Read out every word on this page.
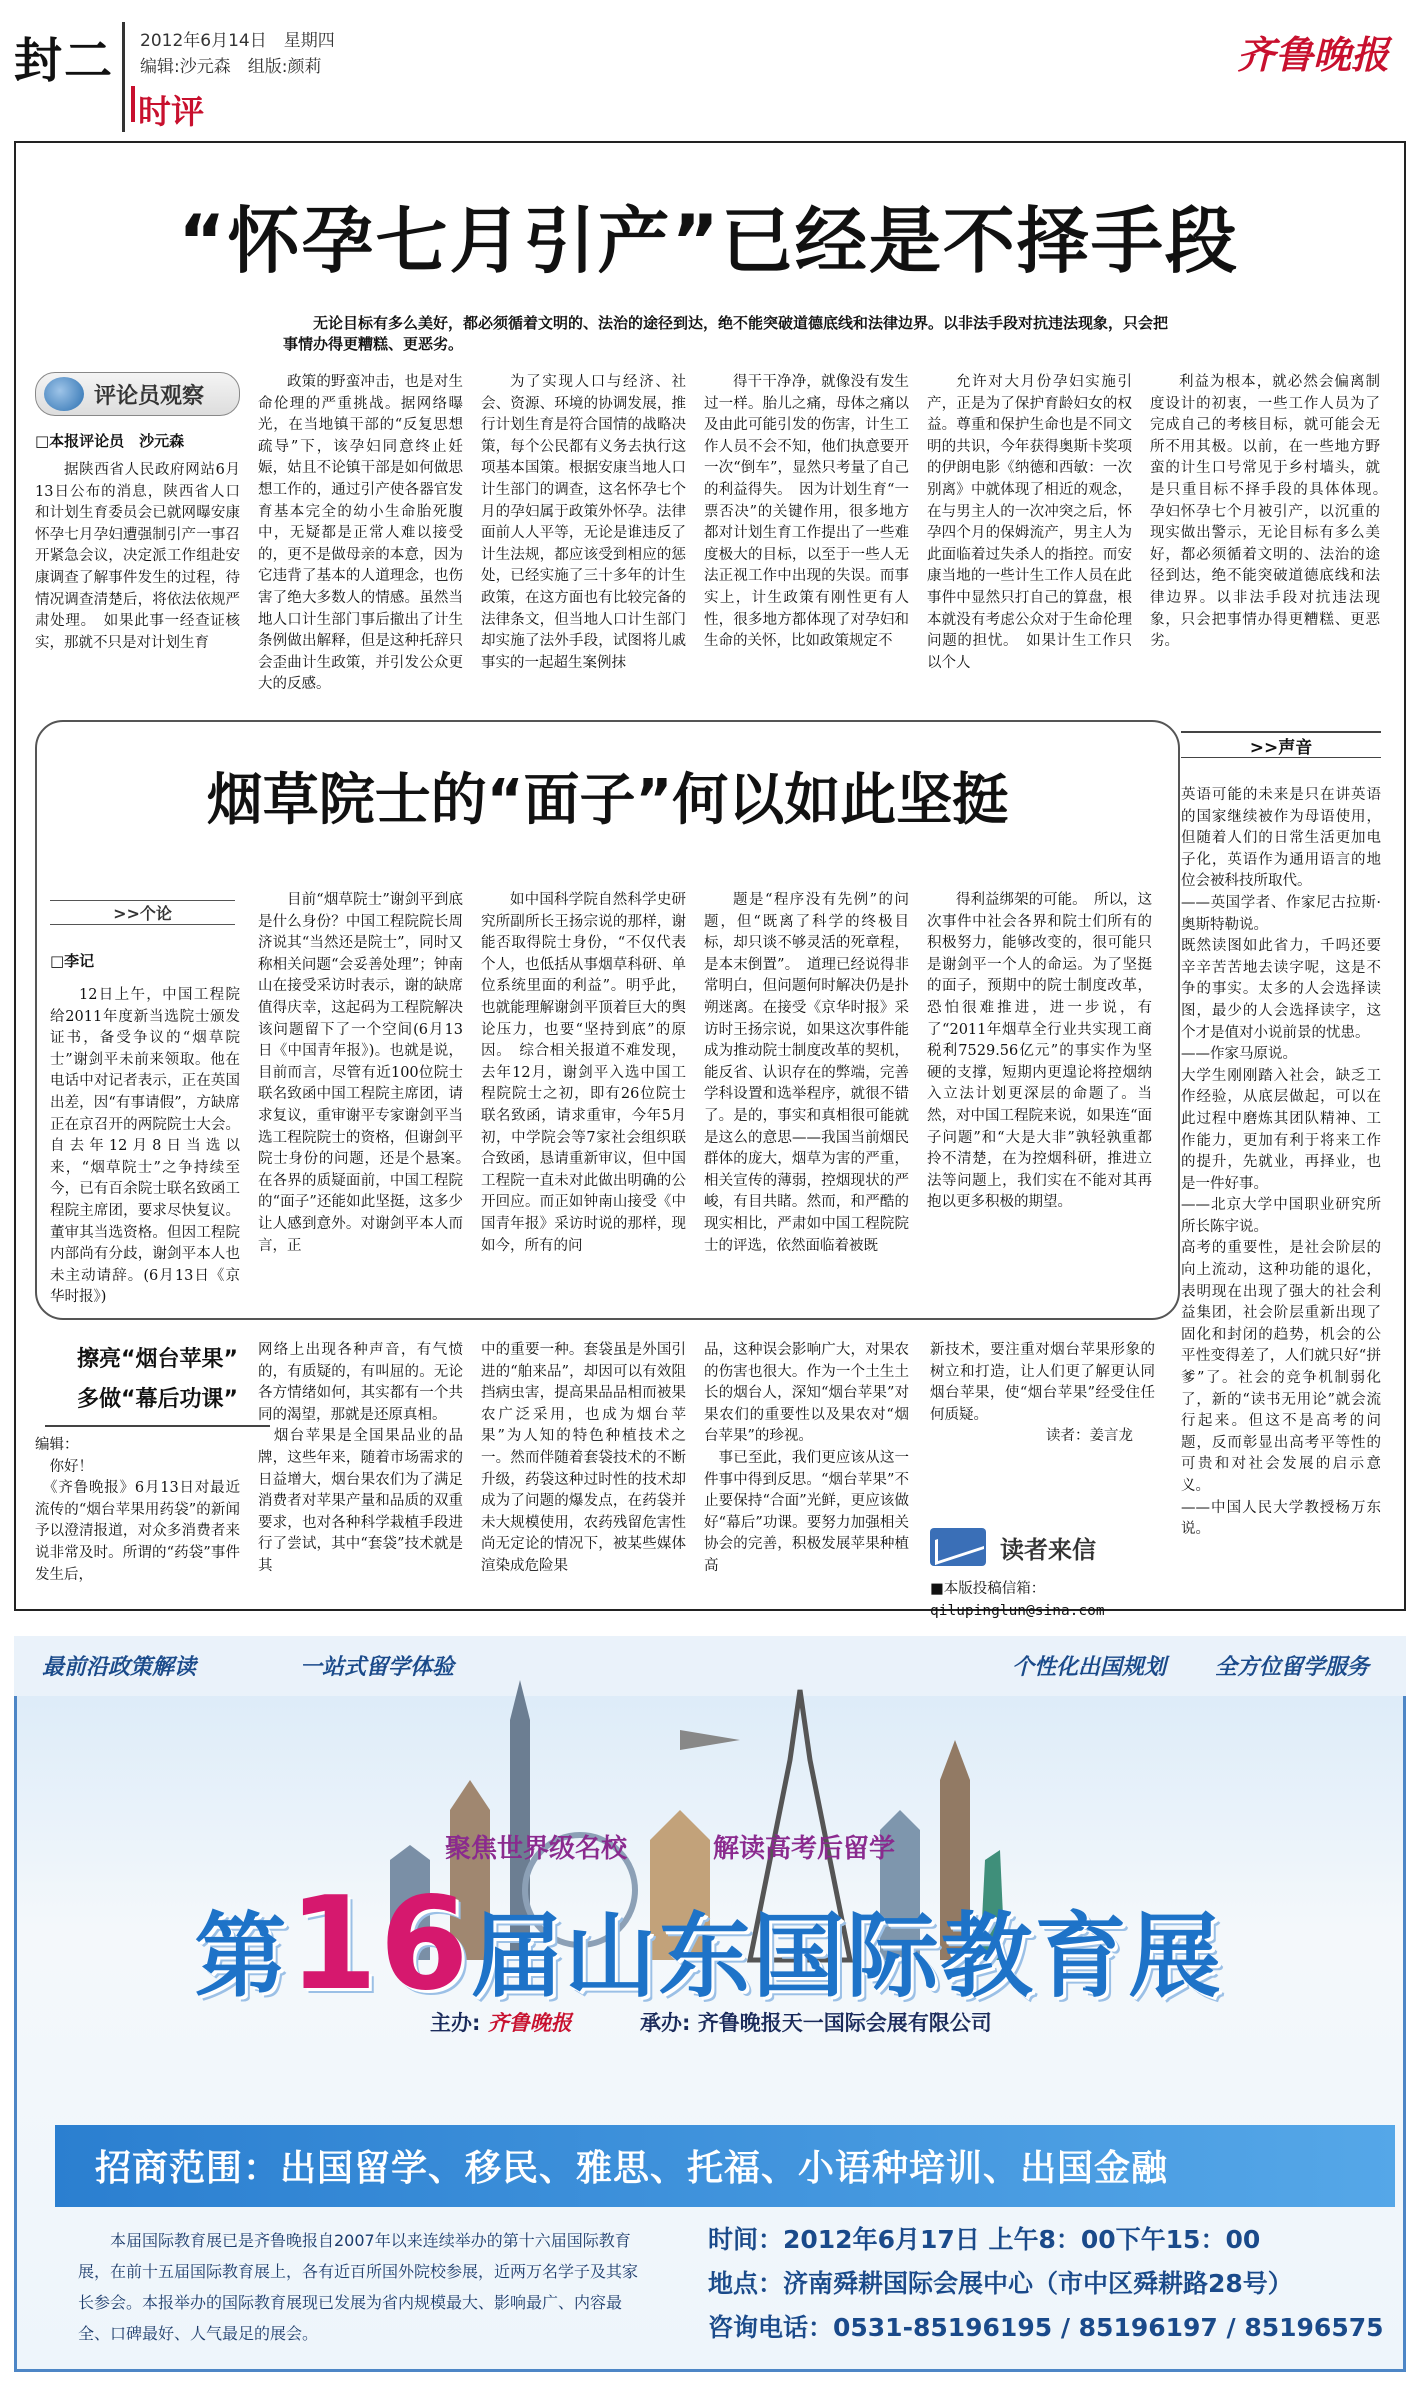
封二 2012年6月14日　星期四
编辑:沙元森　组版:颜莉
时评
齐鲁晚报
“怀孕七月引产”已经是不择手段
无论目标有多么美好，都必须循着文明的、法治的途径到达，绝不能突破道德底线和法律边界。以非法手段对抗违法现象，只会把事情办得更糟糕、更恶劣。
评论员观察
□本报评论员　沙元森

据陕西省人民政府网站6月13日公布的消息，陕西省人口和计划生育委员会已就网曝安康怀孕七月孕妇遭强制引产一事召开紧急会议，决定派工作组赴安康调查了解事件发生的过程，待情况调查清楚后，将依法依规严肃处理。　如果此事一经查证核实，那就不只是对计划生育

政策的野蛮冲击，也是对生命伦理的严重挑战。据网络曝光，在当地镇干部的“反复思想疏导”下，该孕妇同意终止妊娠，姑且不论镇干部是如何做思想工作的，通过引产使各器官发育基本完全的幼小生命胎死腹中，无疑都是正常人难以接受的，更不是做母亲的本意，因为它违背了基本的人道理念，也伤害了绝大多数人的情感。虽然当地人口计生部门事后撤出了计生条例做出解释，但是这种托辞只会歪曲计生政策，并引发公众更大的反感。

为了实现人口与经济、社会、资源、环境的协调发展，推行计划生育是符合国情的战略决策，每个公民都有义务去执行这项基本国策。根据安康当地人口计生部门的调查，这名怀孕七个月的孕妇属于政策外怀孕。法律面前人人平等，无论是谁违反了计生法规，都应该受到相应的惩处，已经实施了三十多年的计生政策，在这方面也有比较完备的法律条文，但当地人口计生部门却实施了法外手段，试图将儿戚事实的一起超生案例抹

得干干净净，就像没有发生过一样。胎儿之痛，母体之痛以及由此可能引发的伤害，计生工作人员不会不知，他们执意要开一次“倒车”，显然只考量了自己的利益得失。　因为计划生育“一票否决”的关键作用，很多地方都对计划生育工作提出了一些难度极大的目标，以至于一些人无法正视工作中出现的失误。而事实上，计生政策有刚性更有人性，很多地方都体现了对孕妇和生命的关怀，比如政策规定不

允许对大月份孕妇实施引产，正是为了保护育龄妇女的权益。尊重和保护生命也是不同文明的共识，今年获得奥斯卡奖项的伊朗电影《纳德和西敏：一次别离》中就体现了相近的观念，在与男主人的一次冲突之后，怀孕四个月的保姆流产，男主人为此面临着过失杀人的指控。而安康当地的一些计生工作人员在此事件中显然只打自己的算盘，根本就没有考虑公众对于生命伦理问题的担忧。　如果计生工作只以个人

利益为根本，就必然会偏离制度设计的初衷，一些工作人员为了完成自己的考核目标，就可能会无所不用其极。以前，在一些地方野蛮的计生口号常见于乡村墙头，就是只重目标不择手段的具体体现。　孕妇怀孕七个月被引产，以沉重的现实做出警示，无论目标有多么美好，都必须循着文明的、法治的途径到达，绝不能突破道德底线和法律边界。以非法手段对抗违法现象，只会把事情办得更糟糕、更恶劣。

烟草院士的“面子”何以如此坚挺
>>个论
□李记

12日上午，中国工程院给2011年度新当选院士颁发证书，备受争议的“烟草院士”谢剑平未前来领取。他在电话中对记者表示，正在英国出差，因“有事请假”，方缺席正在京召开的两院院士大会。自去年12月8日当选以来，“烟草院士”之争持续至今，已有百余院士联名致函工程院主席团，要求尽快复议。董审其当选资格。但因工程院内部尚有分歧，谢剑平本人也未主动请辞。(6月13日《京华时报》)

目前“烟草院士”谢剑平到底是什么身份？中国工程院院长周济说其“当然还是院士”，同时又称相关问题“会妥善处理”；钟南山在接受采访时表示，谢的缺席值得庆幸，这起码为工程院解决该问题留下了一个空间(6月13日《中国青年报》)。也就是说，目前而言，尽管有近100位院士联名致函中国工程院主席团，请求复议，重审谢平专家谢剑平当选工程院院士的资格，但谢剑平院士身份的问题，还是个悬案。　在各界的质疑面前，中国工程院的“面子”还能如此坚挺，这多少让人感到意外。对谢剑平本人而言，正

如中国科学院自然科学史研究所副所长王扬宗说的那样，谢能否取得院士身份，“不仅代表个人，也低括从事烟草科研、单位系统里面的利益”。明乎此，也就能理解谢剑平顶着巨大的舆论压力，也要“坚持到底”的原因。　综合相关报道不难发现，去年12月，谢剑平入选中国工程院院士之初，即有26位院士联名致函，请求重审，今年5月初，中学院会等7家社会组织联合致函，恳请重新审议，但中国工程院一直未对此做出明确的公开回应。而正如钟南山接受《中国青年报》采访时说的那样，现如今，所有的问

题是“程序没有先例”的问题，但“既离了科学的终极目标，却只谈不够灵活的死章程，是本末倒置”。　道理已经说得非常明白，但问题何时解决仍是扑朔迷离。在接受《京华时报》采访时王扬宗说，如果这次事件能成为推动院士制度改革的契机，能反省、认识存在的弊端，完善学科设置和选举程序，就很不错了。是的，事实和真相很可能就是这么的意思——我国当前烟民群体的庞大，烟草为害的严重，相关宣传的薄弱，控烟现状的严峻，有目共睹。然而，和严酷的现实相比，严肃如中国工程院院士的评选，依然面临着被既

得利益绑架的可能。　所以，这次事件中社会各界和院士们所有的积极努力，能够改变的，很可能只是谢剑平一个人的命运。为了坚挺的面子，预期中的院士制度改革，恐怕很难推进，进一步说，有了“2011年烟草全行业共实现工商税利7529.56亿元”的事实作为坚硬的支撑，短期内更遑论将控烟纳入立法计划更深层的命题了。当然，对中国工程院来说，如果连“面子问题”和“大是大非”孰轻孰重都拎不清楚，在为控烟科研，推进立法等问题上，我们实在不能对其再抱以更多积极的期望。

>>声音
英语可能的未来是只在讲英语的国家继续被作为母语使用，但随着人们的日常生活更加电子化，英语作为通用语言的地位会被科技所取代。
——英国学者、作家尼古拉斯·奥斯特勒说。
既然读图如此省力，千吗还要辛辛苦苦地去读字呢，这是不争的事实。太多的人会选择读图，最少的人会选择读字，这个才是值对小说前景的忧患。
——作家马原说。
大学生刚刚踏入社会，缺乏工作经验，从底层做起，可以在此过程中磨炼其团队精神、工作能力，更加有利于将来工作的提升，先就业，再择业，也是一件好事。
——北京大学中国职业研究所所长陈宇说。
高考的重要性，是社会阶层的向上流动，这种功能的退化，表明现在出现了强大的社会利益集团，社会阶层重新出现了固化和封闭的趋势，机会的公平性变得差了，人们就只好“拼爹”了。社会的竞争机制弱化了，新的“读书无用论”就会流行起来。但这不是高考的问题，反而彰显出高考平等性的可贵和对社会发展的启示意义。
——中国人民大学教授杨万东说。
擦亮“烟台苹果”
多做“幕后功课”
编辑：
　你好！
　《齐鲁晚报》6月13日对最近流传的“烟台苹果用药袋”的新闻予以澄清报道，对众多消费者来说非常及时。所谓的“药袋”事件发生后，
网络上出现各种声音，有气愤的，有质疑的，有叫屈的。无论各方情绪如何，其实都有一个共同的渴望，那就是还原真相。
　烟台苹果是全国果品业的品牌，这些年来，随着市场需求的日益增大，烟台果农们为了满足消费者对苹果产量和品质的双重要求，也对各种科学栽植手段进行了尝试，其中“套袋”技术就是其
中的重要一种。套袋虽是外国引进的“舶来品”，却因可以有效阻挡病虫害，提高果品品相而被果农广泛采用，也成为烟台苹果”为人知的特色种植技术之一。然而伴随着套袋技术的不断升级，药袋这种过时性的技术却成为了问题的爆发点，在药袋并未大规模使用，农药残留危害性尚无定论的情况下，被某些媒体渲染成危险果
品，这种误会影响广大，对果农的伤害也很大。作为一个土生土长的烟台人，深知“烟台苹果”对果农们的重要性以及果农对“烟台苹果”的珍视。
　事已至此，我们更应该从这一件事中得到反思。“烟台苹果”不止要保持“合面”光鲜，更应该做好“幕后”功课。要努力加强相关协会的完善，积极发展苹果种植高
新技术，要注重对烟台苹果形象的树立和打造，让人们更了解更认同烟台苹果，使“烟台苹果”经受住任何质疑。
　　　　　　　　读者：姜言龙
读者来信
■本版投稿信箱：
qilupinglun@sina.com
最前沿政策解读	一站式留学体验	个性化出国规划 全方位留学服务
聚焦世界级名校	解读高考后留学
第16届山东国际教育展
主办: 齐鲁晚报	承办: 齐鲁晚报天一国际会展有限公司
招商范围：出国留学、移民、雅思、托福、小语种培训、出国金融
本届国际教育展已是齐鲁晚报自2007年以来连续举办的第十六届国际教育展，在前十五届国际教育展上，各有近百所国外院校参展，近两万名学子及其家长参会。本报举办的国际教育展现已发展为省内规模最大、影响最广、内容最全、口碑最好、人气最足的展会。
时间：2012年6月17日 上午8：00下午15：00
地点：济南舜耕国际会展中心（市中区舜耕路28号）
咨询电话：0531-85196195 / 85196197 / 85196575
